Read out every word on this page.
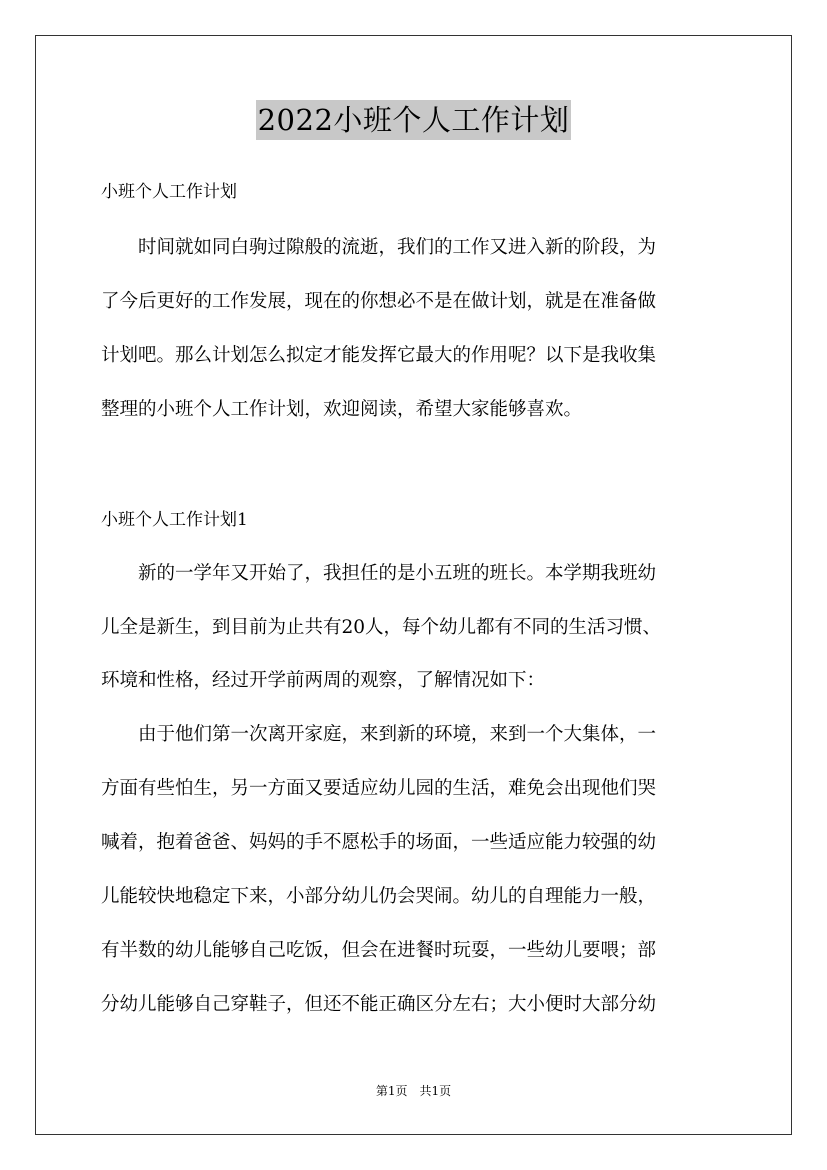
2022小班个人工作计划
小班个人工作计划
　　时间就如同白驹过隙般的流逝，我们的工作又进入新的阶段，为
了今后更好的工作发展，现在的你想必不是在做计划，就是在准备做
计划吧。那么计划怎么拟定才能发挥它最大的作用呢？以下是我收集
整理的小班个人工作计划，欢迎阅读，希望大家能够喜欢。
小班个人工作计划1
　　新的一学年又开始了，我担任的是小五班的班长。本学期我班幼
儿全是新生，到目前为止共有20人，每个幼儿都有不同的生活习惯、
环境和性格，经过开学前两周的观察，了解情况如下：
　　由于他们第一次离开家庭，来到新的环境，来到一个大集体，一
方面有些怕生，另一方面又要适应幼儿园的生活，难免会出现他们哭
喊着，抱着爸爸、妈妈的手不愿松手的场面，一些适应能力较强的幼
儿能较快地稳定下来，小部分幼儿仍会哭闹。幼儿的自理能力一般，
有半数的幼儿能够自己吃饭，但会在进餐时玩耍，一些幼儿要喂；部
分幼儿能够自己穿鞋子，但还不能正确区分左右；大小便时大部分幼
第1页　共1页
